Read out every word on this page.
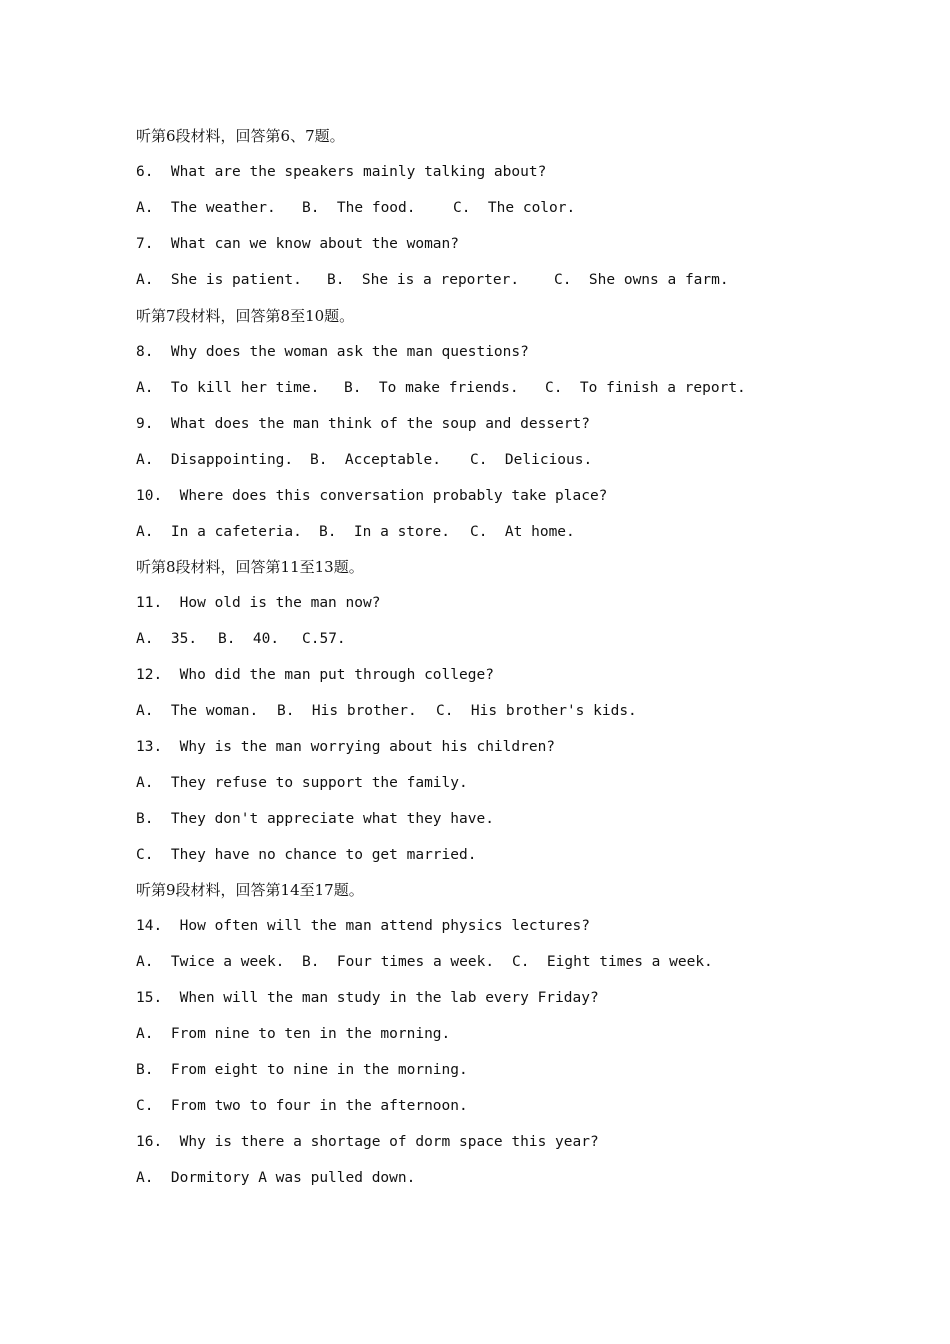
听第6段材料，回答第6、7题。
6.  What are the speakers mainly talking about?

A.  The weather.

B.  The food.

	C.  The color.

7.  What can we know about the woman?

A.  She is patient.

B.  She is a reporter.

C.  She owns a farm.

听第7段材料，回答第8至10题。
8.  Why does the woman ask the man questions?

A.  To kill her time.

B.  To make friends.

C.  To finish a report.

9.  What does the man think of the soup and dessert?

A.  Disappointing.

B.  Acceptable.

C.  Delicious.

10.  Where does this conversation probably take place?

A.  In a cafeteria.

B.  In a store.

C.  At home.

听第8段材料，回答第11至13题。
11.  How old is the man now?

A.  35.

B.  40.

C.57.

12.  Who did the man put through college?

A.  The woman.

B.  His brother.

C.  His brother's kids.

13.  Why is the man worrying about his children?
A.  They refuse to support the family.
B.  They don't appreciate what they have.
C.  They have no chance to get married.
听第9段材料，回答第14至17题。
14.  How often will the man attend physics lectures?

A.  Twice a week.

B.  Four times a week.

C.  Eight times a week.

15.  When will the man study in the lab every Friday?
A.  From nine to ten in the morning.
B.  From eight to nine in the morning.
C.  From two to four in the afternoon.
16.  Why is there a shortage of dorm space this year?
A.  Dormitory A was pulled down.
